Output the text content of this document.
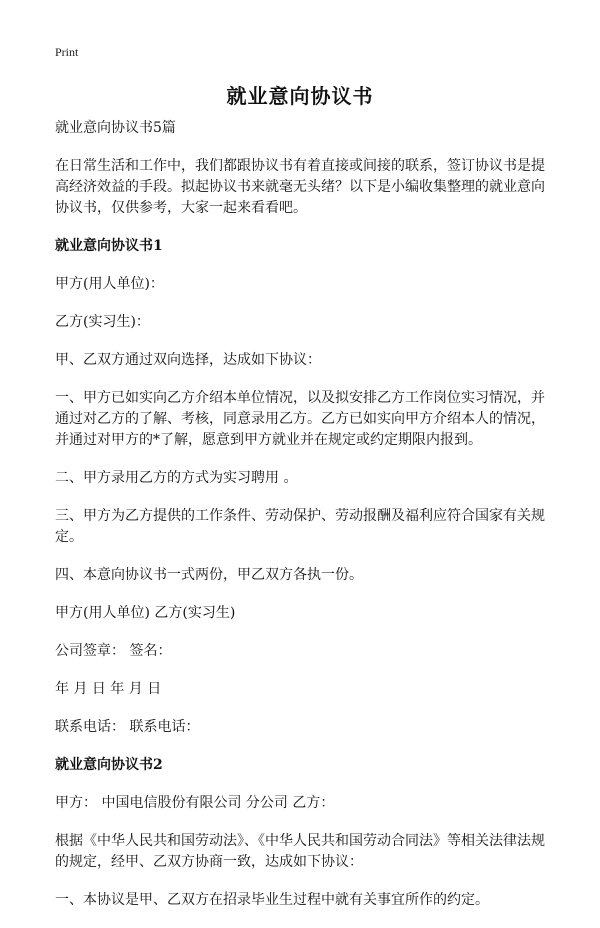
Print
就业意向协议书

就业意向协议书5篇

在日常生活和工作中，我们都跟协议书有着直接或间接的联系，签订协议书是提高经济效益的手段。拟起协议书来就毫无头绪？以下是小编收集整理的就业意向协议书，仅供参考，大家一起来看看吧。

就业意向协议书1

甲方(用人单位)：

乙方(实习生)：

甲、乙双方通过双向选择，达成如下协议：

一、甲方已如实向乙方介绍本单位情况，以及拟安排乙方工作岗位实习情况，并通过对乙方的了解、考核，同意录用乙方。乙方已如实向甲方介绍本人的情况，并通过对甲方的*了解，愿意到甲方就业并在规定或约定期限内报到。

二、甲方录用乙方的方式为实习聘用 。

三、甲方为乙方提供的工作条件、劳动保护、劳动报酬及福利应符合国家有关规定。

四、本意向协议书一式两份，甲乙双方各执一份。

甲方(用人单位) 乙方(实习生)

公司签章： 签名：

年 月 日 年 月 日

联系电话： 联系电话：

就业意向协议书2

甲方： 中国电信股份有限公司 分公司 乙方：

根据《中华人民共和国劳动法》、《中华人民共和国劳动合同法》等相关法律法规的规定，经甲、乙双方协商一致，达成如下协议：

一、本协议是甲、乙双方在招录毕业生过程中就有关事宜所作的约定。
